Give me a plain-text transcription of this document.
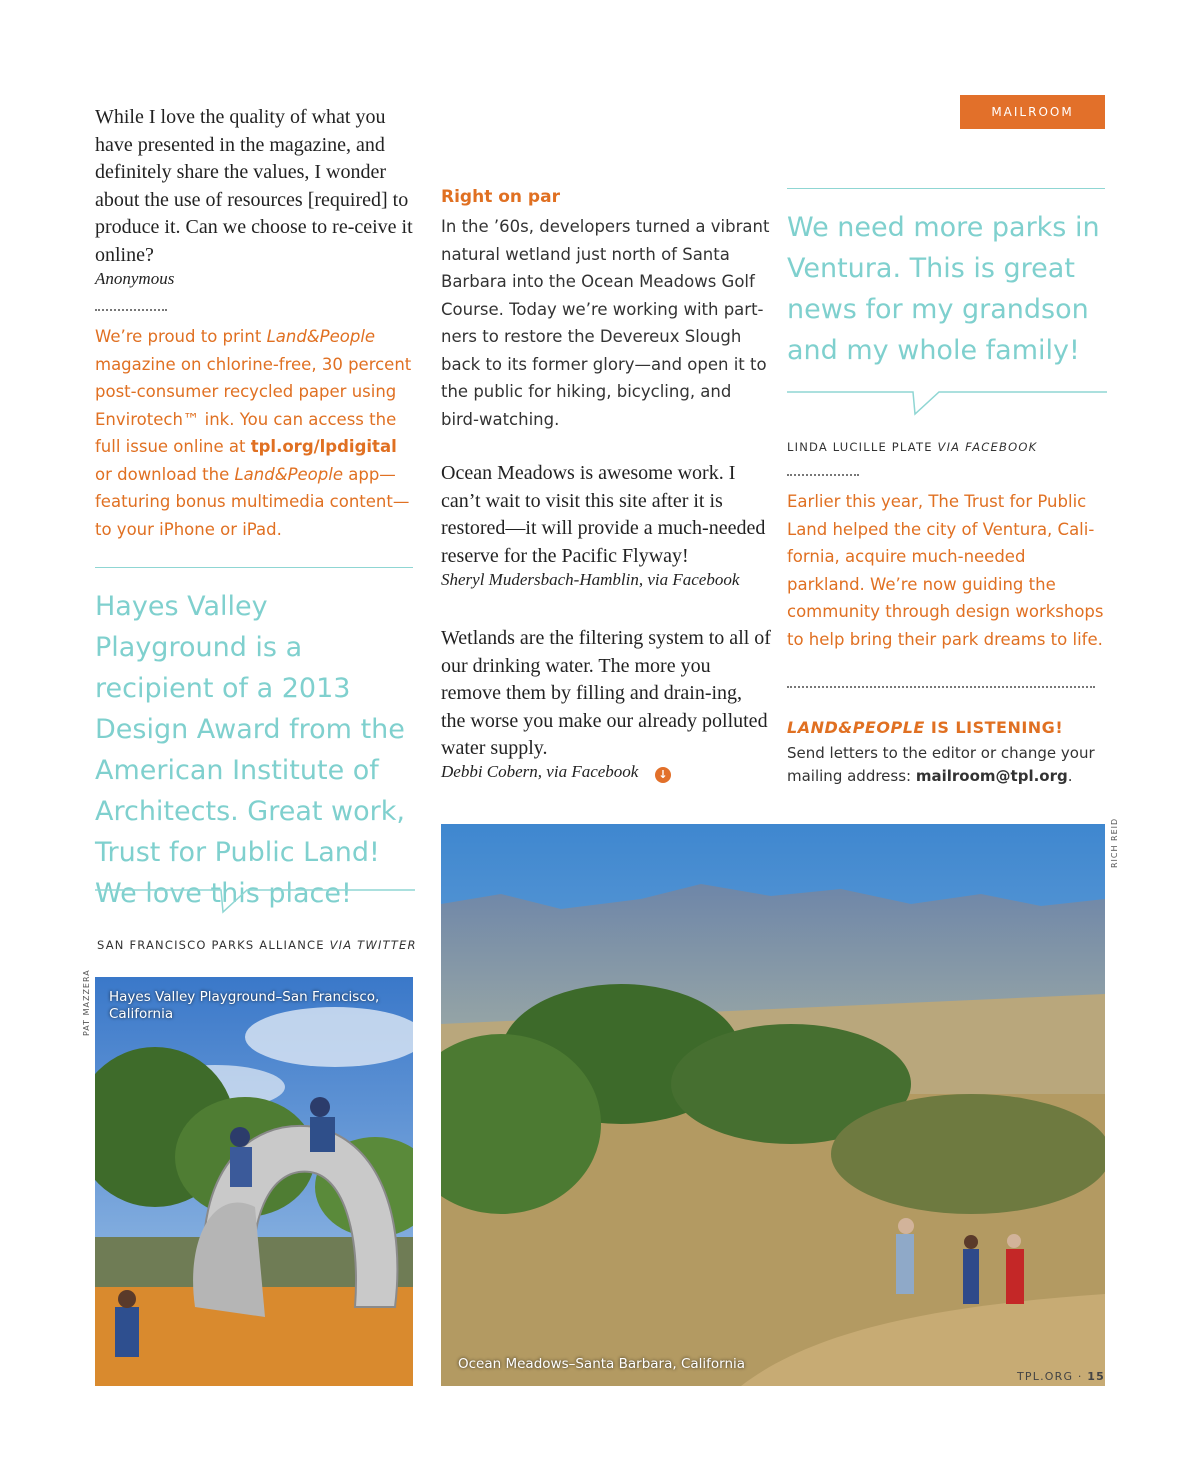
MAILROOM
While I love the quality of what you have presented in the magazine, and definitely share the values, I wonder about the use of resources [required] to produce it. Can we choose to re-ceive it online?
Anonymous
We’re proud to print Land&People magazine on chlorine-free, 30 percent post-consumer recycled paper using Envirotech™ ink. You can access the full issue online at tpl.org/lpdigital or download the Land&People app—featuring bonus multimedia content—to your iPhone or iPad.
Hayes Valley Playground is a recipient of a 2013 Design Award from the American Institute of Architects. Great work, Trust for Public Land! We love this place!
SAN FRANCISCO PARKS ALLIANCE VIA TWITTER
PAT MAZZERA Hayes Valley Playground–San Francisco, California
Right on par
In the ’60s, developers turned a vibrant natural wetland just north of Santa Barbara into the Ocean Meadows Golf Course. Today we’re working with part-ners to restore the Devereux Slough back to its former glory—and open it to the public for hiking, bicycling, and bird-watching.
Ocean Meadows is awesome work. I can’t wait to visit this site after it is restored—it will provide a much-needed reserve for the Pacific Flyway!
Sheryl Mudersbach-Hamblin, via Facebook
Wetlands are the filtering system to all of our drinking water. The more you remove them by filling and drain-ing, the worse you make our already polluted water supply.
Debbi Cobern, via Facebook	↓
Ocean Meadows–Santa Barbara, California
RICH REID
We need more parks in Ventura. This is great news for my grandson and my whole family!
LINDA LUCILLE PLATE VIA FACEBOOK
Earlier this year, The Trust for Public Land helped the city of Ventura, Cali-fornia, acquire much-needed parkland. We’re now guiding the community through design workshops to help bring their park dreams to life.
LAND&PEOPLE IS LISTENING!
Send letters to the editor or change your mailing address: mailroom@tpl.org.
TPL.ORG · 15
